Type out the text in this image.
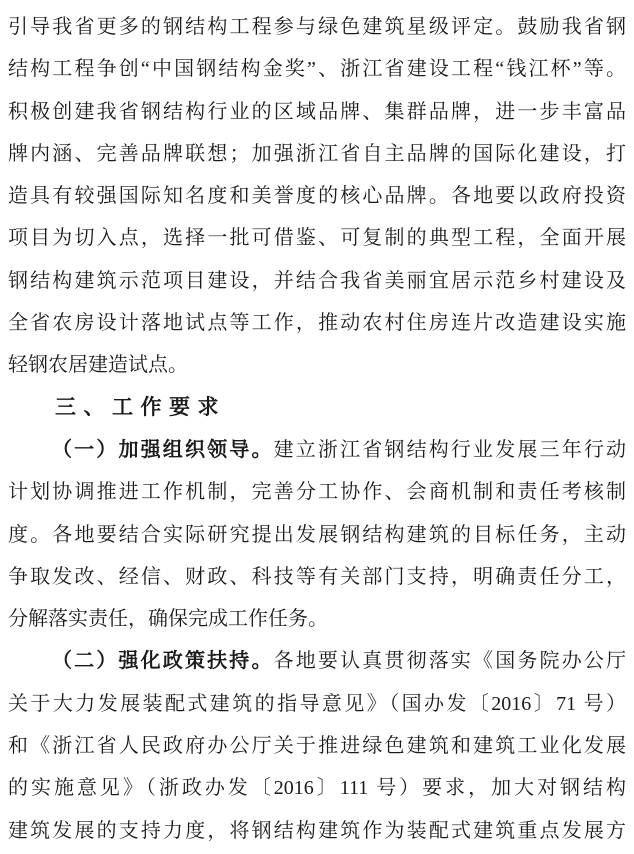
引导我省更多的钢结构工程参与绿色建筑星级评定。鼓励我省钢
结构工程争创“中国钢结构金奖”、浙江省建设工程“钱江杯”等。
积极创建我省钢结构行业的区域品牌、集群品牌，进一步丰富品
牌内涵、完善品牌联想；加强浙江省自主品牌的国际化建设，打
造具有较强国际知名度和美誉度的核心品牌。各地要以政府投资
项目为切入点，选择一批可借鉴、可复制的典型工程，全面开展
钢结构建筑示范项目建设，并结合我省美丽宜居示范乡村建设及
全省农房设计落地试点等工作，推动农村住房连片改造建设实施
轻钢农居建造试点。
三、工作要求
（一）加强组织领导。建立浙江省钢结构行业发展三年行动
计划协调推进工作机制，完善分工协作、会商机制和责任考核制
度。各地要结合实际研究提出发展钢结构建筑的目标任务，主动
争取发改、经信、财政、科技等有关部门支持，明确责任分工，
分解落实责任，确保完成工作任务。
（二）强化政策扶持。各地要认真贯彻落实《国务院办公厅
关于大力发展装配式建筑的指导意见》（国办发〔2016〕71 号）
和《浙江省人民政府办公厅关于推进绿色建筑和建筑工业化发展
的实施意见》（浙政办发〔2016〕111 号）要求，加大对钢结构
建筑发展的支持力度，将钢结构建筑作为装配式建筑重点发展方
